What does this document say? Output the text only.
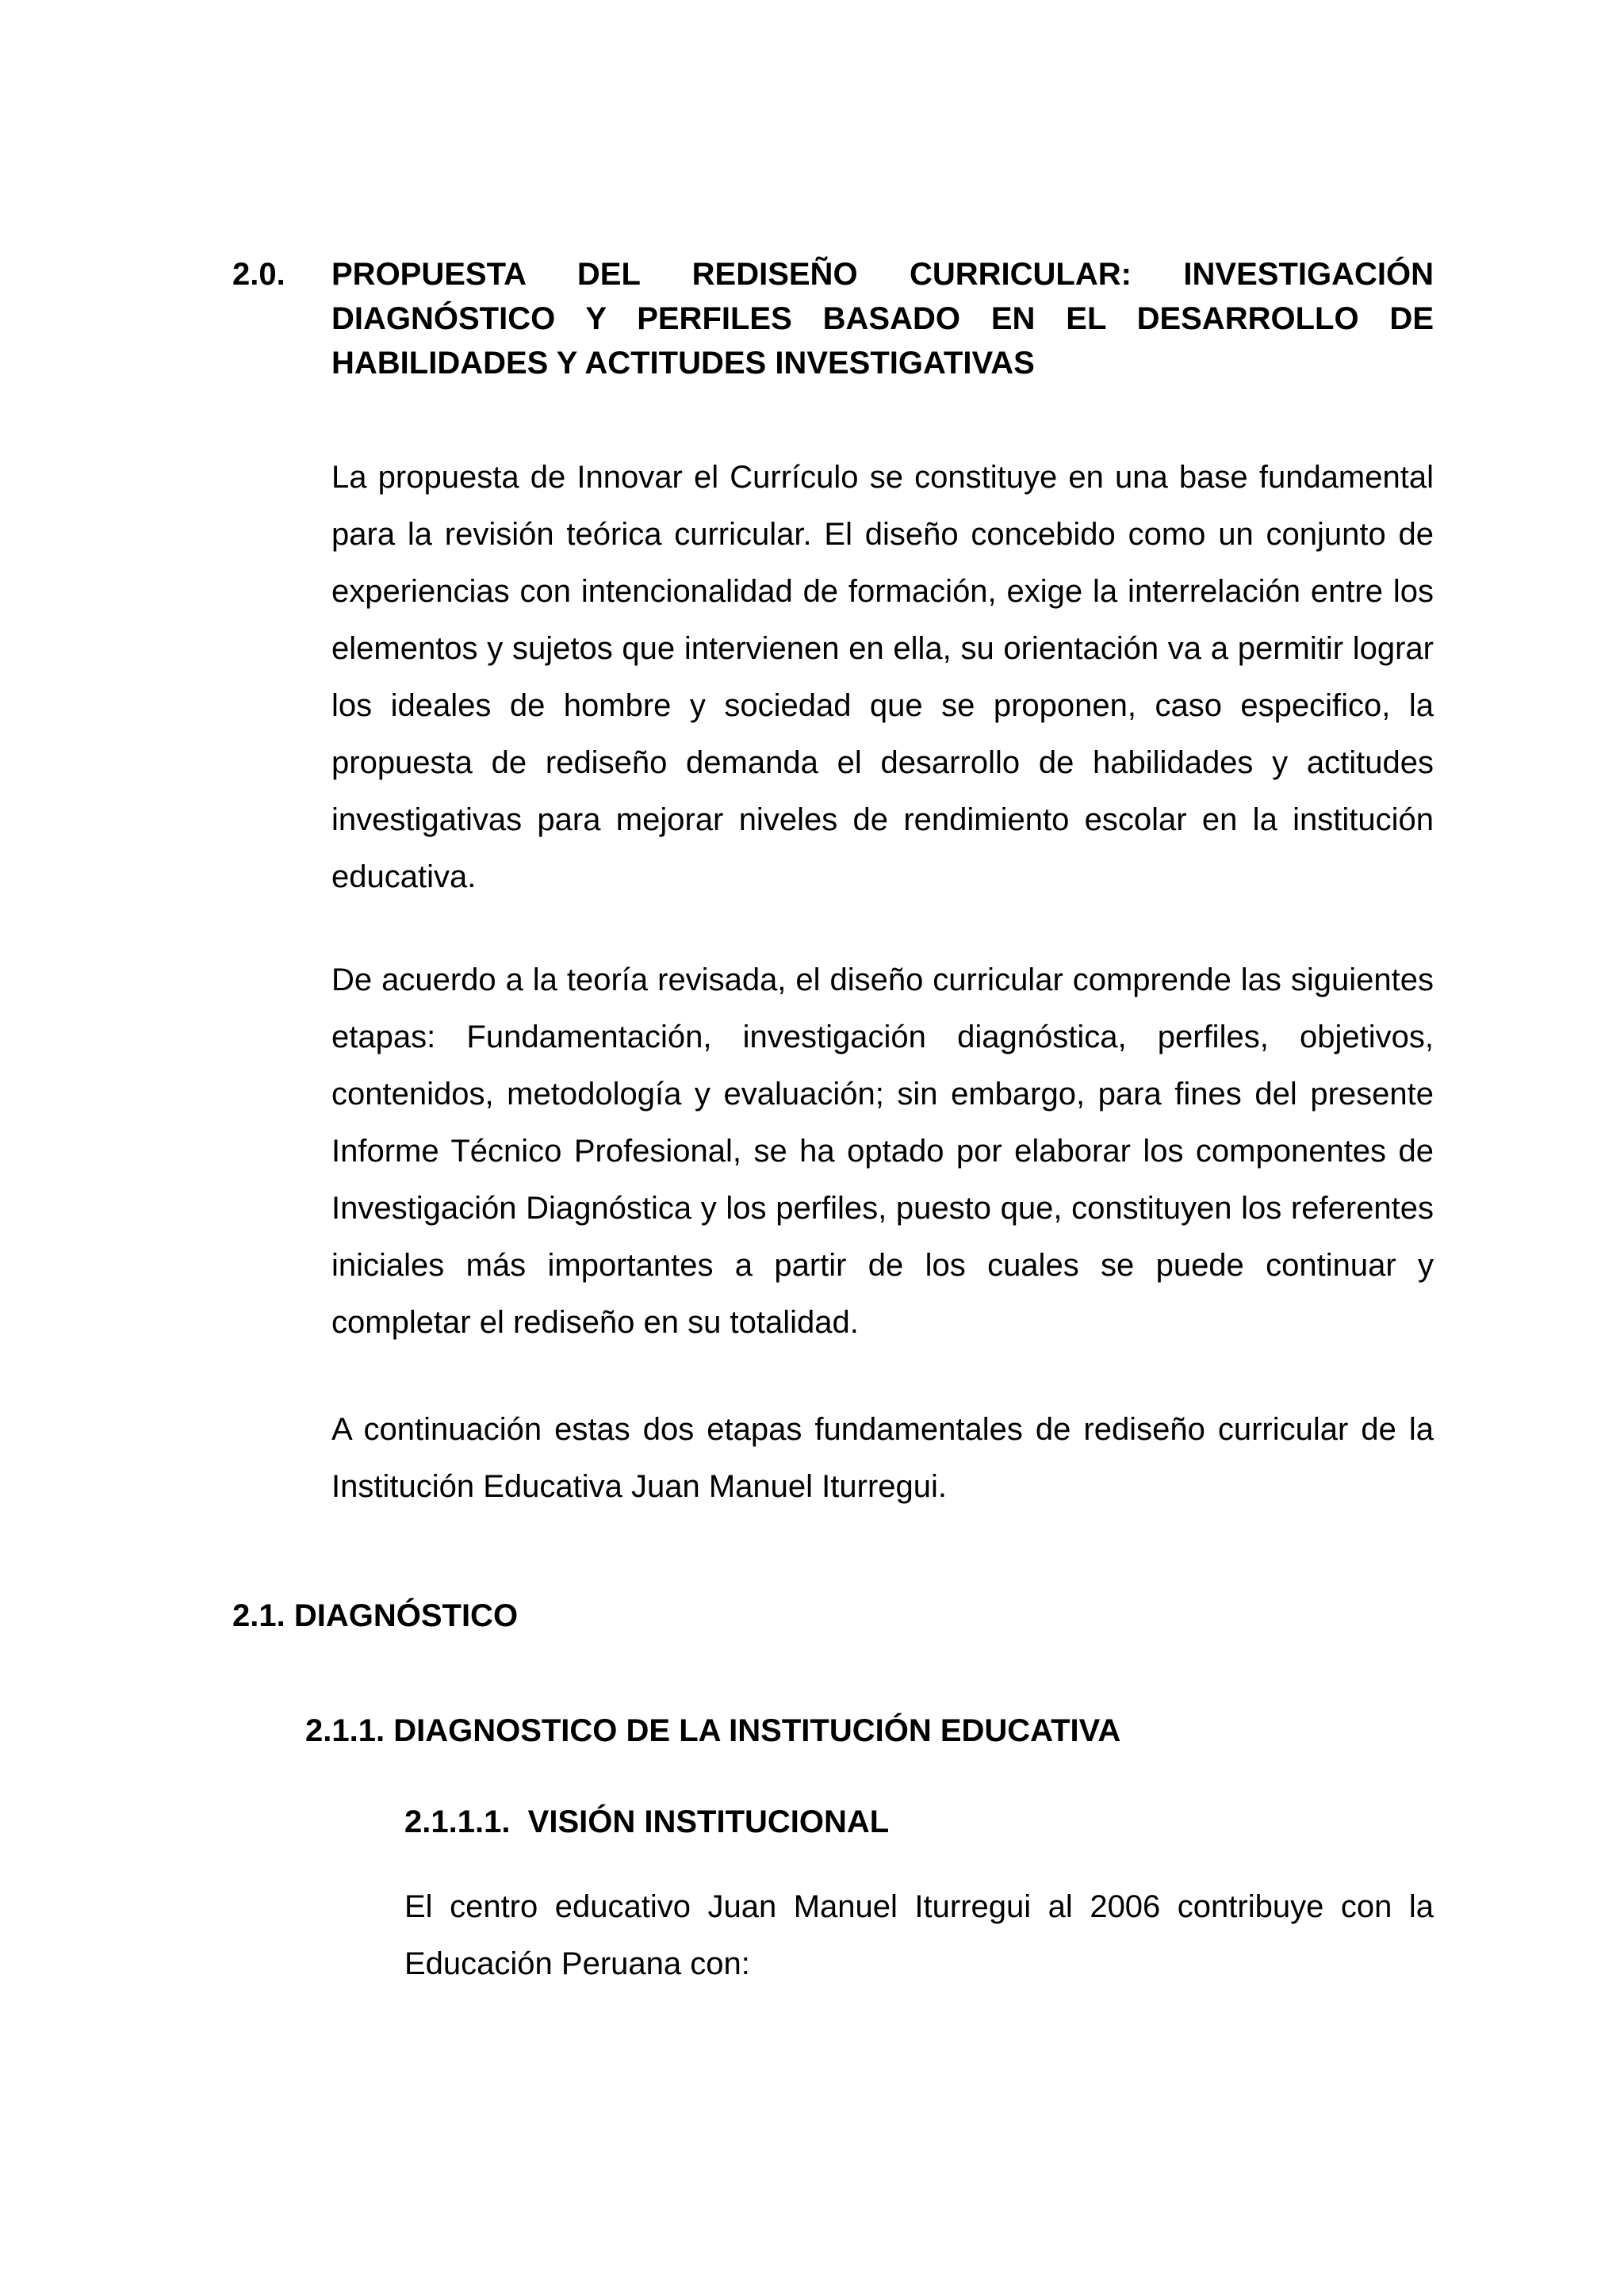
2.0. PROPUESTA DEL REDISEÑO CURRICULAR: INVESTIGACIÓN DIAGNÓSTICO Y PERFILES BASADO EN EL DESARROLLO DE HABILIDADES Y ACTITUDES INVESTIGATIVAS

La propuesta de Innovar el Currículo se constituye en una base fundamental para la revisión teórica curricular. El diseño concebido como un conjunto de experiencias con intencionalidad de formación, exige la interrelación entre los elementos y sujetos que intervienen en ella, su orientación va a permitir lograr los ideales de hombre y sociedad que se proponen, caso especifico, la propuesta de rediseño demanda el desarrollo de habilidades y actitudes investigativas para mejorar niveles de rendimiento escolar en la institución educativa.

De acuerdo a la teoría revisada, el diseño curricular comprende las siguientes etapas: Fundamentación, investigación diagnóstica, perfiles, objetivos, contenidos, metodología y evaluación; sin embargo, para fines del presente Informe Técnico Profesional, se ha optado por elaborar los componentes de Investigación Diagnóstica y los perfiles, puesto que, constituyen los referentes iniciales más importantes a partir de los cuales se puede continuar y completar el rediseño en su totalidad.

A continuación estas dos etapas fundamentales de rediseño curricular de la Institución Educativa Juan Manuel Iturregui.

2.1. DIAGNÓSTICO
2.1.1. DIAGNOSTICO DE LA INSTITUCIÓN EDUCATIVA
2.1.1.1.  VISIÓN INSTITUCIONAL

El centro educativo Juan Manuel Iturregui al 2006 contribuye con la Educación Peruana con:
